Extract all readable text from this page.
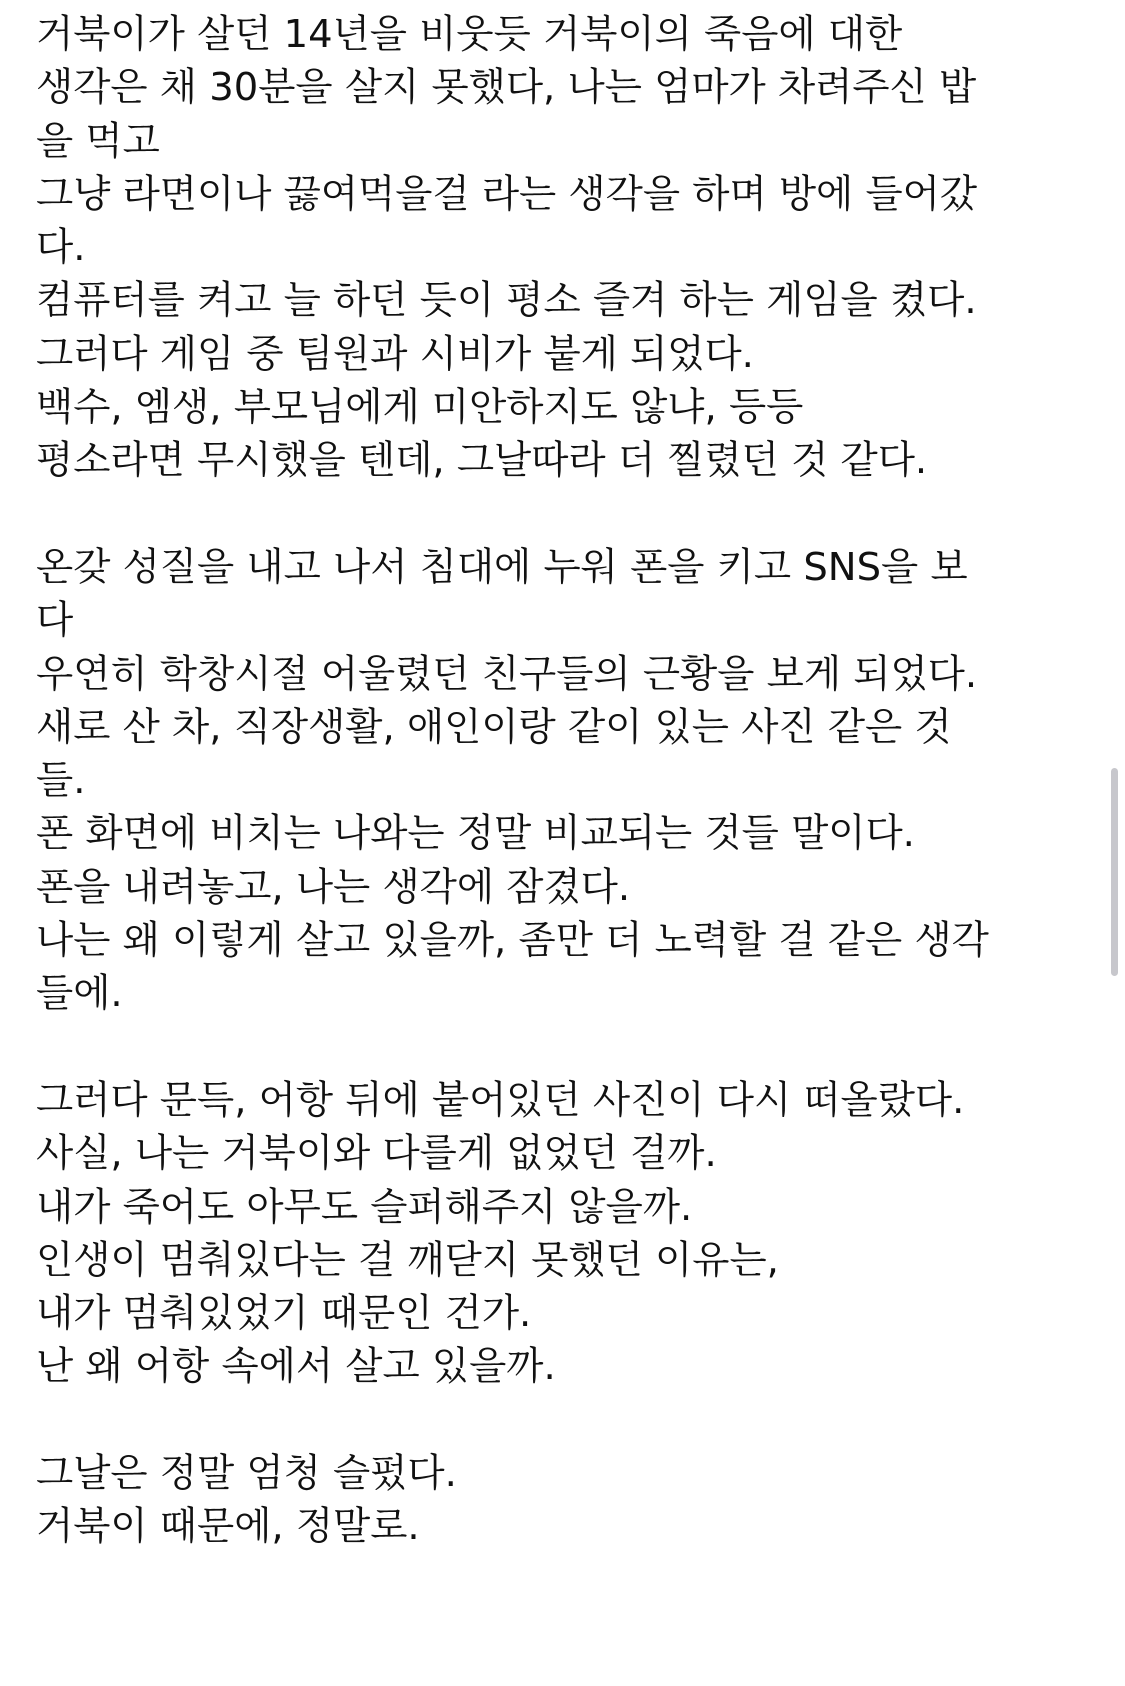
거북이가 살던 14년을 비웃듯 거북이의 죽음에 대한
생각은 채 30분을 살지 못했다, 나는 엄마가 차려주신 밥
을 먹고
그냥 라면이나 끓여먹을걸 라는 생각을 하며 방에 들어갔
다.
컴퓨터를 켜고 늘 하던 듯이 평소 즐겨 하는 게임을 켰다.
그러다 게임 중 팀원과 시비가 붙게 되었다.
백수, 엠생, 부모님에게 미안하지도 않냐, 등등
평소라면 무시했을 텐데, 그날따라 더 찔렸던 것 같다.
온갖 성질을 내고 나서 침대에 누워 폰을 키고 SNS을 보
다
우연히 학창시절 어울렸던 친구들의 근황을 보게 되었다.
새로 산 차, 직장생활, 애인이랑 같이 있는 사진 같은 것
들.
폰 화면에 비치는 나와는 정말 비교되는 것들 말이다.
폰을 내려놓고, 나는 생각에 잠겼다.
나는 왜 이렇게 살고 있을까, 좀만 더 노력할 걸 같은 생각
들에.
그러다 문득, 어항 뒤에 붙어있던 사진이 다시 떠올랐다.
사실, 나는 거북이와 다를게 없었던 걸까.
내가 죽어도 아무도 슬퍼해주지 않을까.
인생이 멈춰있다는 걸 깨닫지 못했던 이유는,
내가 멈춰있었기 때문인 건가.
난 왜 어항 속에서 살고 있을까.
그날은 정말 엄청 슬펐다.
거북이 때문에, 정말로.
